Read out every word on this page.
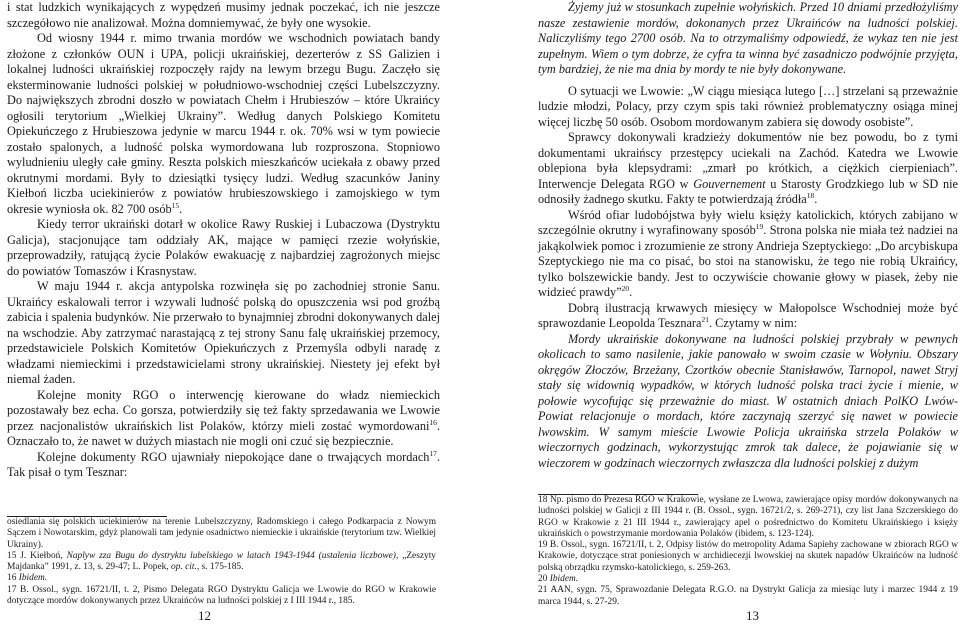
i stat ludzkich wynikających z wypędzeń musimy jednak poczekać, ich nie jeszcze szczegółowo nie analizował. Można domniemywać, że były one wysokie.

Od wiosny 1944 r. mimo trwania mordów we wschodnich powiatach bandy złożone z członków OUN i UPA, policji ukraińskiej, dezerterów z SS Galizien i lokalnej ludności ukraińskiej rozpoczęły rajdy na lewym brzegu Bugu. Zaczęło się eksterminowanie ludności polskiej w południowo-wschodniej części Lubelszczyzny. Do największych zbrodni doszło w powiatach Chełm i Hrubieszów – które Ukraińcy ogłosili terytorium „Wielkiej Ukrainy”. Według danych Polskiego Komitetu Opiekuńczego z Hrubieszowa jedynie w marcu 1944 r. ok. 70% wsi w tym powiecie zostało spalonych, a ludność polska wymordowana lub rozproszona. Stopniowo wyludnieniu uległy całe gminy. Reszta polskich mieszkańców uciekała z obawy przed okrutnymi mordami. Były to dziesiątki tysięcy ludzi. Według szacunków Janiny Kiełboń liczba uciekinierów z powiatów hrubieszowskiego i zamojskiego w tym okresie wyniosła ok. 82 700 osób$^{15}$.

Kiedy terror ukraiński dotarł w okolice Rawy Ruskiej i Lubaczowa (Dystryktu Galicja), stacjonujące tam oddziały AK, mające w pamięci rzezie wołyńskie, przeprowadziły, ratującą życie Polaków ewakuację z najbardziej zagrożonych miejsc do powiatów Tomaszów i Krasnystaw.

W maju 1944 r. akcja antypolska rozwinęła się po zachodniej stronie Sanu. Ukraińcy eskalowali terror i wzywali ludność polską do opuszczenia wsi pod groźbą zabicia i spalenia budynków. Nie przerwało to bynajmniej zbrodni dokonywanych dalej na wschodzie. Aby zatrzymać narastającą z tej strony Sanu falę ukraińskiej przemocy, przedstawiciele Polskich Komitetów Opiekuńczych z Przemyśla odbyli naradę z władzami niemieckimi i przedstawicielami strony ukraińskiej. Niestety jej efekt był niemal żaden.

Kolejne monity RGO o interwencję kierowane do władz niemieckich pozostawały bez echa. Co gorsza, potwierdziły się też fakty sprzedawania we Lwowie przez nacjonalistów ukraińskich list Polaków, którzy mieli zostać wymordowani$^{16}$. Oznaczało to, że nawet w dużych miastach nie mogli oni czuć się bezpiecznie.

Kolejne dokumenty RGO ujawniały niepokojące dane o trwających mordach$^{17}$. Tak pisał o tym Tesznar:

osiedlania się polskich uciekinierów na terenie Lubelszczyzny, Radomskiego i całego Podkarpacia z Nowym Sączem i Nowotarskim, gdyż planowali tam jedynie osadnictwo niemieckie i ukraińskie (terytorium tzw. Wielkiej Ukrainy).

15 J. Kiełboń, Naplyw zza Bugu do dystryktu lubelskiego w latach 1943-1944 (ustalenia liczbowe), „Zeszyty Majdanka” 1991, z. 13, s. 29-47; L. Popek, op. cit., s. 175-185.

16 Ibidem.

17 B. Ossol., sygn. 16721/II, t. 2, Pismo Delegata RGO Dystryktu Galicja we Lwowie do RGO w Krakowie dotyczące mordów dokonywanych przez Ukraińców na ludności polskiej z I III 1944 r., 185.

12

Żyjemy już w stosunkach zupełnie wołyńskich. Przed 10 dniami przedłożyliśmy nasze zestawienie mordów, dokonanych przez Ukraińców na ludności polskiej. Naliczyliśmy tego 2700 osób. Na to otrzymaliśmy odpowiedź, że wykaz ten nie jest zupełnym. Wiem o tym dobrze, że cyfra ta winna być zasadniczo podwójnie przyjęta, tym bardziej, że nie ma dnia by mordy te nie były dokonywane.

O sytuacji we Lwowie: „W ciągu miesiąca lutego […] strzelani są przeważnie ludzie młodzi, Polacy, przy czym spis taki również problematyczny osiąga minej więcej liczbę 50 osób. Osobom mordowanym zabiera się dowody osobiste”.

Sprawcy dokonywali kradzieży dokumentów nie bez powodu, bo z tymi dokumentami ukraińscy przestępcy uciekali na Zachód. Katedra we Lwowie oblepiona była klepsydrami: „zmarł po krótkich, a ciężkich cierpieniach”. Interwencje Delegata RGO w Gouvernement u Starosty Grodzkiego lub w SD nie odnosiły żadnego skutku. Fakty te potwierdzają źródła$^{18}$.

Wśród ofiar ludobójstwa były wielu księży katolickich, których zabijano w szczególnie okrutny i wyrafinowany sposób$^{19}$. Strona polska nie miała też nadziei na jakąkolwiek pomoc i zrozumienie ze strony Andrieja Szeptyckiego: „Do arcybiskupa Szeptyckiego nie ma co pisać, bo stoi na stanowisku, że tego nie robią Ukraińcy, tylko bolszewickie bandy. Jest to oczywiście chowanie głowy w piasek, żeby nie widzieć prawdy”$^{20}$.

Dobrą ilustracją krwawych miesięcy w Małopolsce Wschodniej może być sprawozdanie Leopolda Tesznara$^{21}$. Czytamy w nim:

Mordy ukraińskie dokonywane na ludności polskiej przybrały w pewnych okolicach to samo nasilenie, jakie panowało w swoim czasie w Wołyniu. Obszary okręgów Złoczów, Brzeżany, Czortków obecnie Stanisławów, Tarnopol, nawet Stryj stały się widownią wypadków, w których ludność polska traci życie i mienie, w połowie wycofując się przeważnie do miast. W ostatnich dniach PolKO Lwów-Powiat relacjonuje o mordach, które zaczynają szerzyć się nawet w powiecie lwowskim. W samym mieście Lwowie Policja ukraińska strzela Polaków w wieczornych godzinach, wykorzystując zmrok tak dalece, że pojawianie się w wieczorem w godzinach wieczornych zwłaszcza dla ludności polskiej z dużym

18 Np. pismo do Prezesa RGO w Krakowie, wysłane ze Lwowa, zawierające opisy mordów dokonywanych na ludności polskiej w Galicji z III 1944 r. (B. Ossol., sygn. 16721/2, s. 269-271), czy list Jana Szczerskiego do RGO w Krakowie z 21 III 1944 r., zawierający apel o pośrednictwo do Komitetu Ukraińskiego i księży ukraińskich o powstrzymanie mordowania Polaków (ibidem, s. 123-124).

19 B. Ossol., sygn. 16721/II, t. 2, Odpisy listów do metropolity Adama Sapiehy zachowane w zbiorach RGO w Krakowie, dotyczące strat poniesionych w archidiecezji lwowskiej na skutek napadów Ukraińców na ludność polską obrządku rzymsko-katolickiego, s. 259-263.

20 Ibidem.

21 AAN, sygn. 75, Sprawozdanie Delegata R.G.O. na Dystrykt Galicja za miesiąc luty i marzec 1944 z 19 marca 1944, s. 27-29.

13
